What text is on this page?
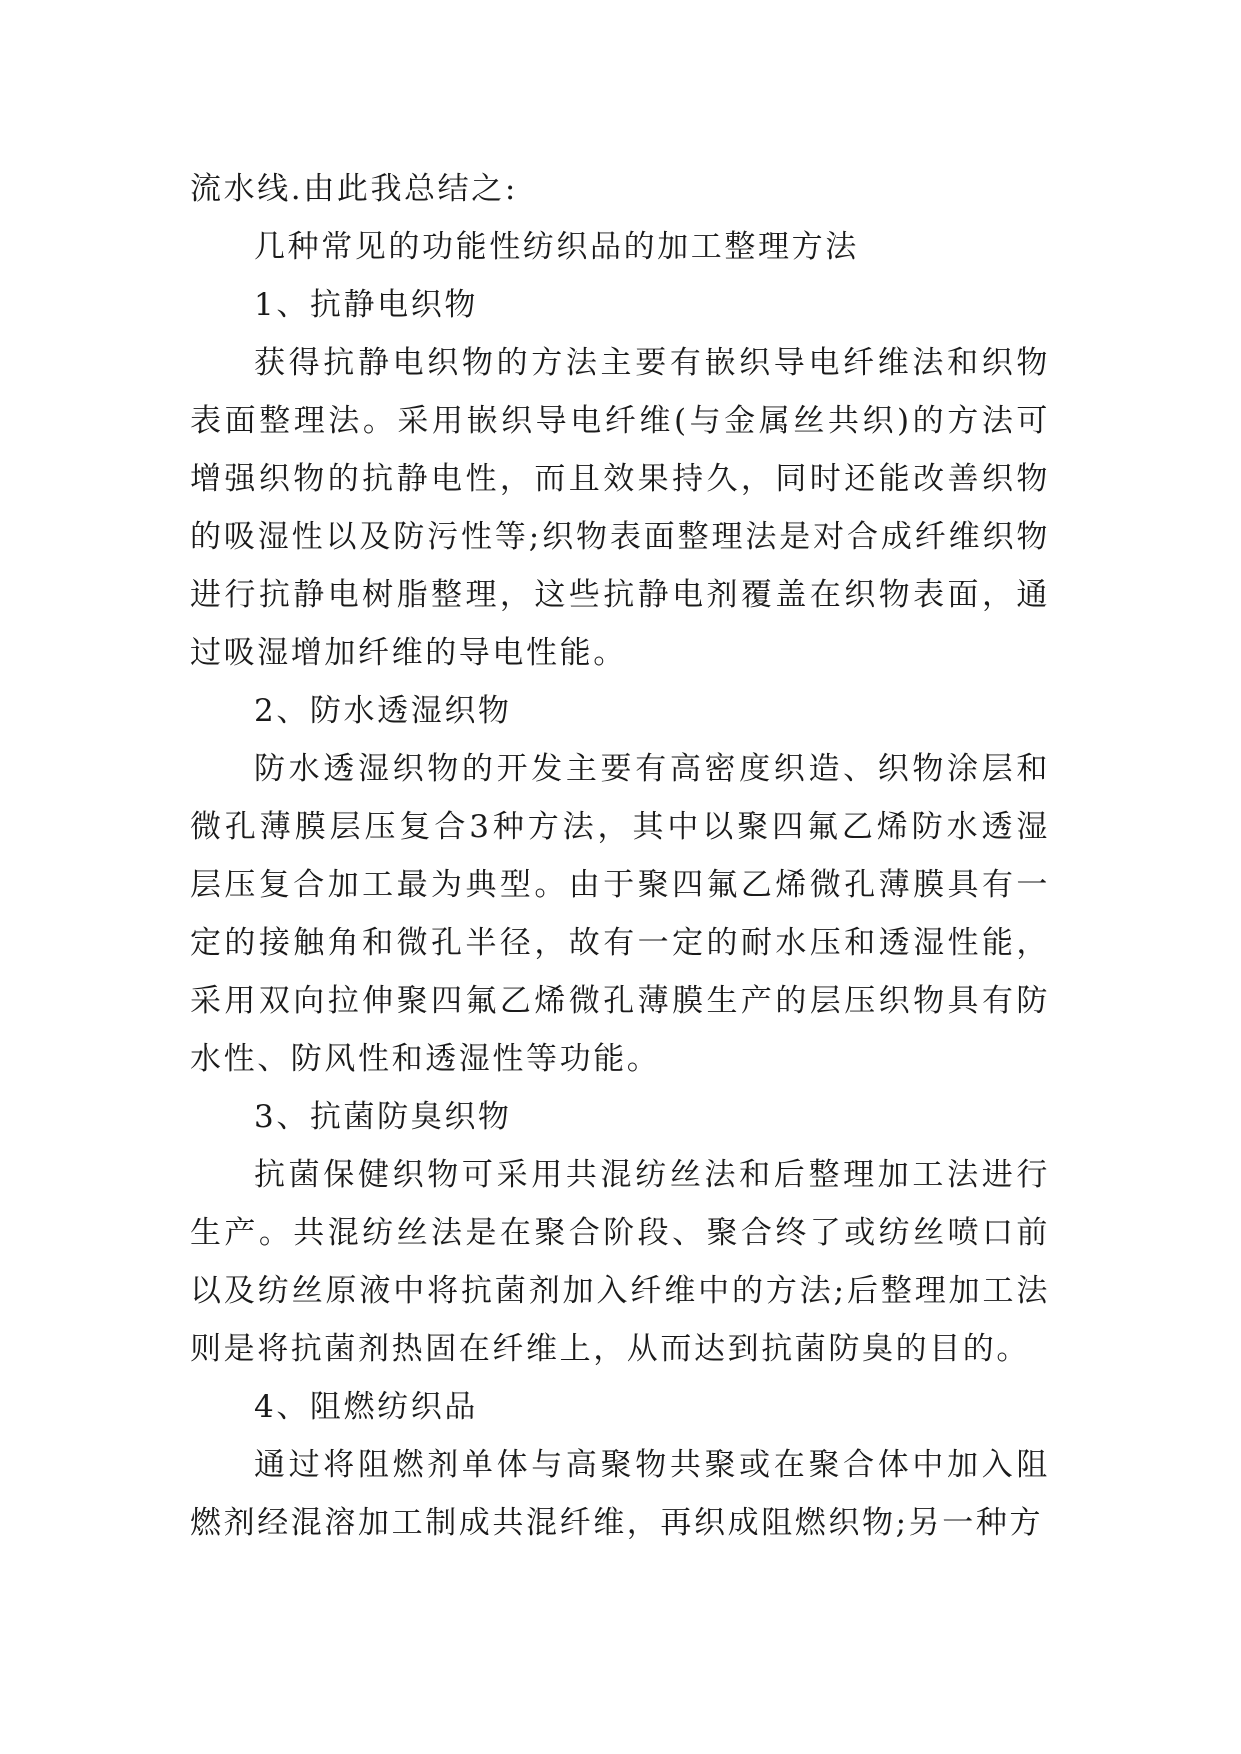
流水线.由此我总结之:

几种常见的功能性纺织品的加工整理方法

1、抗静电织物

获得抗静电织物的方法主要有嵌织导电纤维法和织物表面整理法。采用嵌织导电纤维(与金属丝共织)的方法可增强织物的抗静电性，而且效果持久，同时还能改善织物的吸湿性以及防污性等;织物表面整理法是对合成纤维织物进行抗静电树脂整理，这些抗静电剂覆盖在织物表面，通过吸湿增加纤维的导电性能。

2、防水透湿织物

防水透湿织物的开发主要有高密度织造、织物涂层和微孔薄膜层压复合3种方法，其中以聚四氟乙烯防水透湿层压复合加工最为典型。由于聚四氟乙烯微孔薄膜具有一定的接触角和微孔半径，故有一定的耐水压和透湿性能，采用双向拉伸聚四氟乙烯微孔薄膜生产的层压织物具有防水性、防风性和透湿性等功能。

3、抗菌防臭织物

抗菌保健织物可采用共混纺丝法和后整理加工法进行生产。共混纺丝法是在聚合阶段、聚合终了或纺丝喷口前以及纺丝原液中将抗菌剂加入纤维中的方法;后整理加工法则是将抗菌剂热固在纤维上，从而达到抗菌防臭的目的。

4、阻燃纺织品

通过将阻燃剂单体与高聚物共聚或在聚合体中加入阻燃剂经混溶加工制成共混纤维，再织成阻燃织物;另一种方
